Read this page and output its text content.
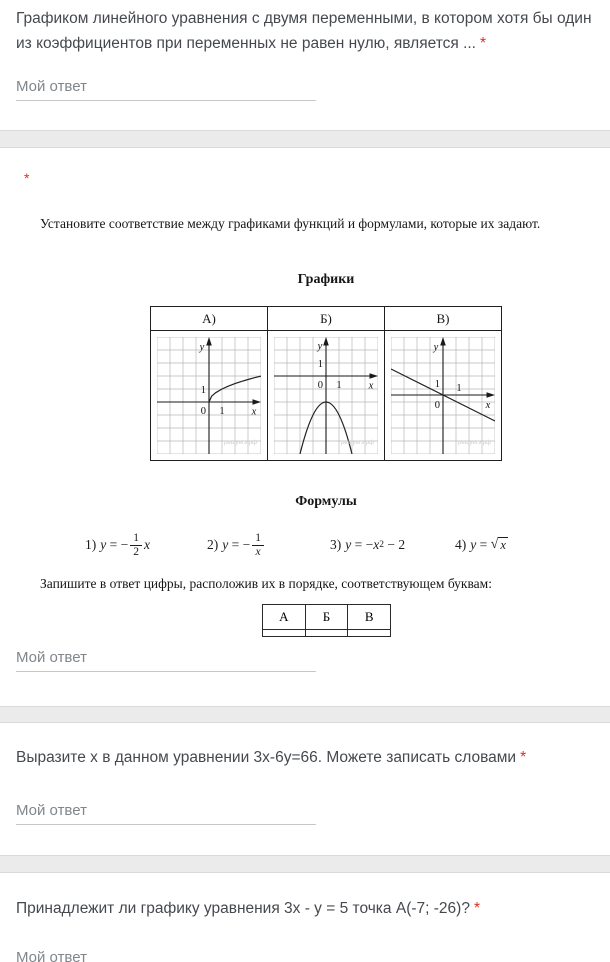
Графиком линейного уравнения с двумя переменными, в котором хотя бы один из коэффициентов при переменных не равен нулю, является ... *
Мой ответ
*
Установите соответствие между графиками функций и формулами, которые их задают.
Графики
А)	Б)	В)
y
1
0 1	x
решуегэ.рф
y
1
0 1	x
решуегэ.рф
y
1 1
0	x
решуегэ.рф
Формулы
1) y = − $\frac{1}{2}$ x	2) y = − $\frac{1}{x}$	3) y = − x 2 − 2	4) y = √ x
Запишите в ответ цифры, расположив их в порядке, соответствующем буквам:
А	Б	В
Мой ответ
Выразите x в данном уравнении 3x-6y=66. Можете записать словами *
Мой ответ
Принадлежит ли графику уравнения 3x - y = 5 точка А(-7; -26)? *
Мой ответ
